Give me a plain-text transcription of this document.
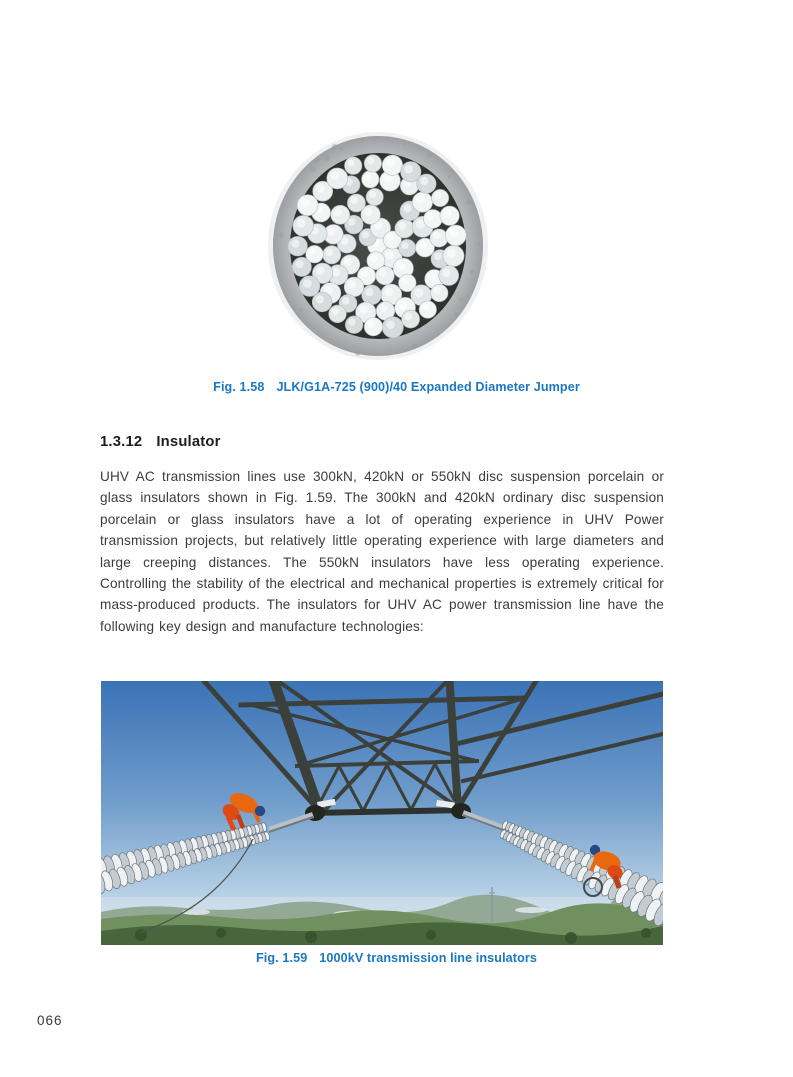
Fig. 1.58 JLK/G1A-725 (900)/40 Expanded Diameter Jumper
1.3.12 Insulator

UHV AC transmission lines use 300kN, 420kN or 550kN disc suspension porcelain or glass insulators shown in Fig. 1.59. The 300kN and 420kN ordinary disc suspension porcelain or glass insulators have a lot of operating experience in UHV Power transmission projects, but relatively little operating experience with large diameters and large creeping distances. The 550kN insulators have less operating experience. Controlling the stability of the electrical and mechanical properties is extremely critical for mass-produced products. The insulators for UHV AC power transmission line have the following key design and manufacture technologies:

Fig. 1.59 1000kV transmission line insulators
066
